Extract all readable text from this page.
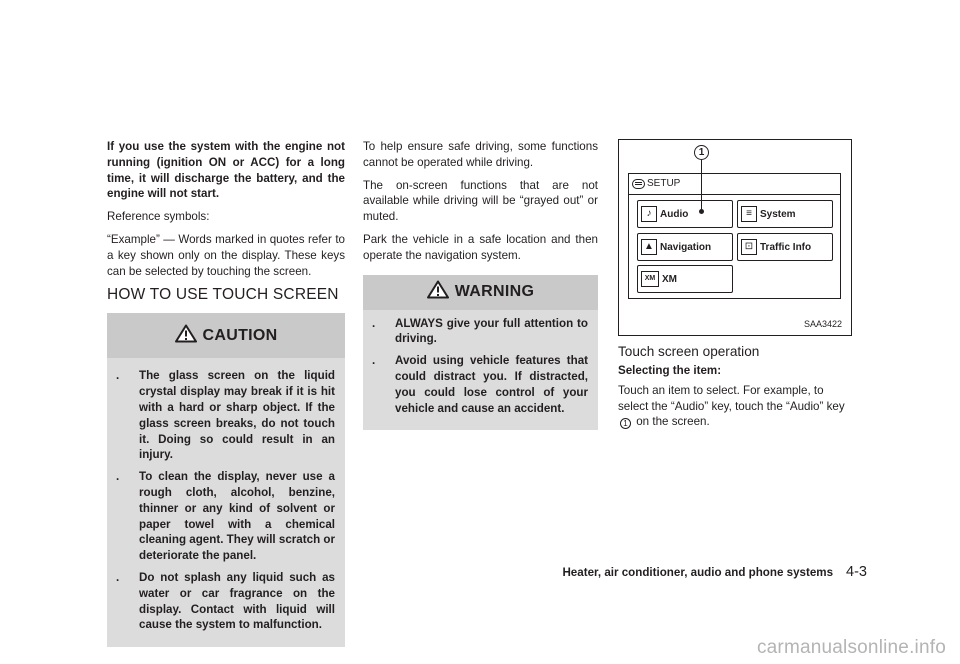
If you use the system with the engine not running (ignition ON or ACC) for a long time, it will discharge the battery, and the engine will not start.

Reference symbols:

“Example” — Words marked in quotes refer to a key shown only on the display. These keys can be selected by touching the screen.

HOW TO USE TOUCH SCREEN
CAUTION
. The glass screen on the liquid crystal display may break if it is hit with a hard or sharp object. If the glass screen breaks, do not touch it. Doing so could result in an injury.
. To clean the display, never use a rough cloth, alcohol, benzine, thinner or any kind of solvent or paper towel with a chemical cleaning agent. They will scratch or deteriorate the panel.
. Do not splash any liquid such as water or car fragrance on the display. Contact with liquid will cause the system to malfunction.

To help ensure safe driving, some functions cannot be operated while driving.

The on-screen functions that are not available while driving will be “grayed out” or muted.

Park the vehicle in a safe location and then operate the navigation system.

WARNING
. ALWAYS give your full attention to driving.
. Avoid using vehicle features that could distract you. If distracted, you could lose control of your vehicle and cause an accident.
1
SETUP
♪ Audio	≡ System
▲ Navigation	⊡ Traffic Info
XM XM
SAA3422
Touch screen operation

Selecting the item:

Touch an item to select. For example, to select the “Audio” key, touch the “Audio” key 1 on the screen.

Heater, air conditioner, audio and phone systems 4-3
carmanualsonline.info
